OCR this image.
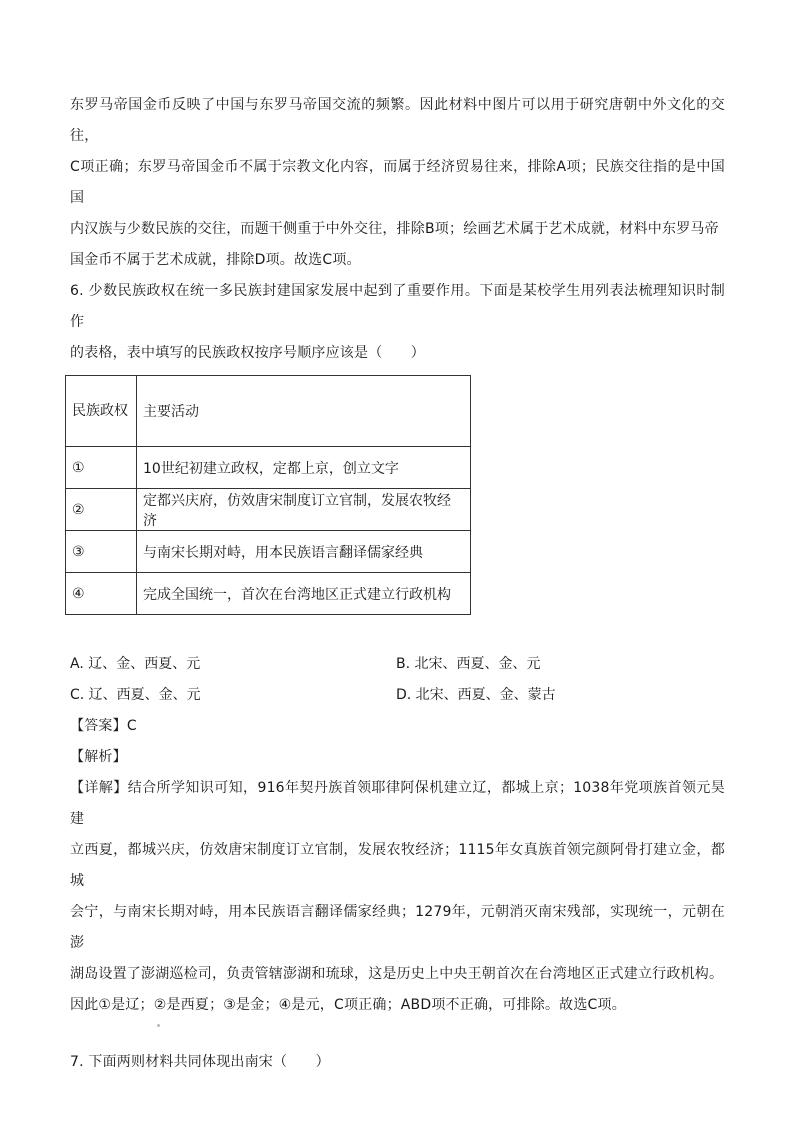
东罗马帝国金币反映了中国与东罗马帝国交流的频繁。因此材料中图片可以用于研究唐朝中外文化的交往，

C项正确；东罗马帝国金币不属于宗教文化内容，而属于经济贸易往来，排除A项；民族交往指的是中国国

内汉族与少数民族的交往，而题干侧重于中外交往，排除B项；绘画艺术属于艺术成就，材料中东罗马帝

国金币不属于艺术成就，排除D项。故选C项。

6. 少数民族政权在统一多民族封建国家发展中起到了重要作用。下面是某校学生用列表法梳理知识时制作

的表格，表中填写的民族政权按序号顺序应该是（　　）

民族政权	主要活动
①	10世纪初建立政权，定都上京，创立文字
②	定都兴庆府，仿效唐宋制度订立官制，发展农牧经济
③	与南宋长期对峙，用本民族语言翻译儒家经典
④	完成全国统一，首次在台湾地区正式建立行政机构
A. 辽、金、西夏、元	B. 北宋、西夏、金、元
C. 辽、西夏、金、元	D. 北宋、西夏、金、蒙古

【答案】C

【解析】

【详解】结合所学知识可知，916年契丹族首领耶律阿保机建立辽，都城上京；1038年党项族首领元昊建

立西夏，都城兴庆，仿效唐宋制度订立官制，发展农牧经济；1115年女真族首领完颜阿骨打建立金，都城

会宁，与南宋长期对峙，用本民族语言翻译儒家经典；1279年，元朝消灭南宋残部，实现统一，元朝在澎

湖岛设置了澎湖巡检司，负责管辖澎湖和琉球，这是历史上中央王朝首次在台湾地区正式建立行政机构。

因此①是辽；②是西夏；③是金；④是元，C项正确；ABD项不正确，可排除。故选C项。

7. 下面两则材料共同体现出南宋（　　）
